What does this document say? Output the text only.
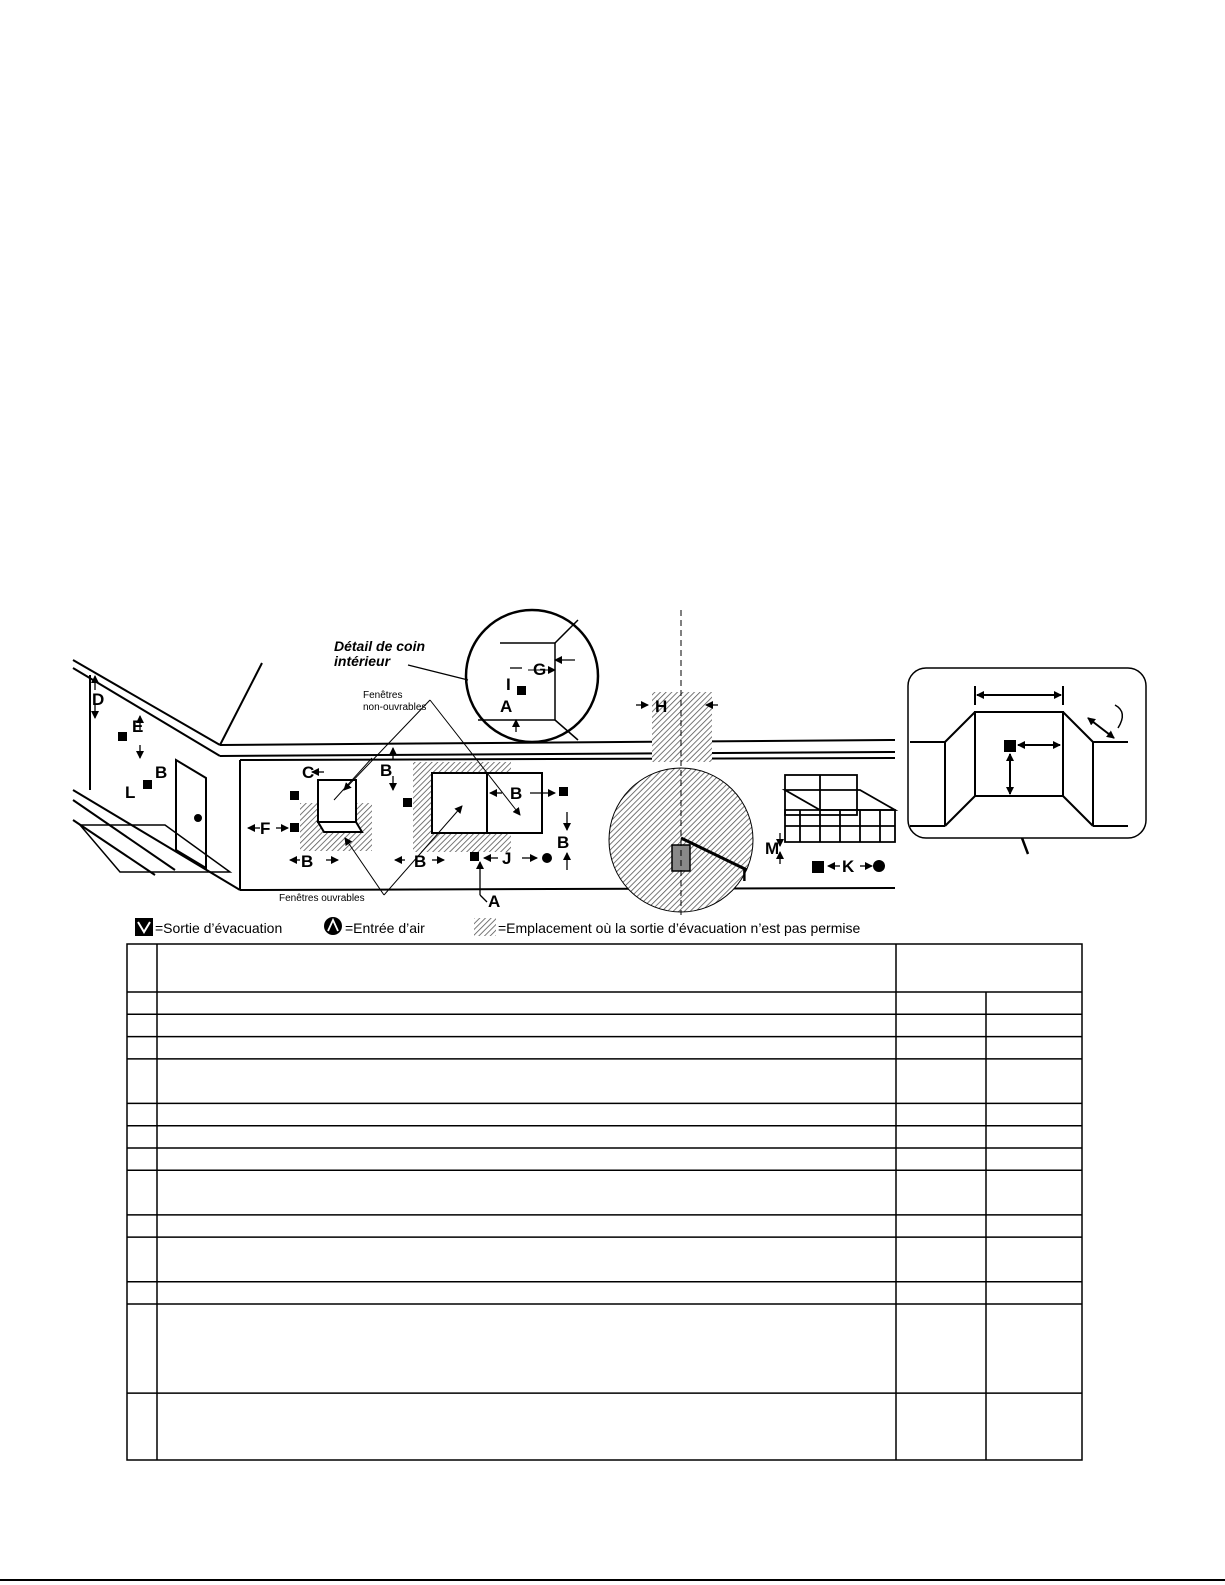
D
E
B
L
C
F
B
B
B
B
B
J
A
H
I
M
K
G
A
I
Détail de coin
intérieur
Fenêtres
non-ouvrables
Fenêtres ouvrables
=Sortie d’évacuation	=Entrée d’air	=Emplacement où la sortie d’évacuation n’est pas permise
